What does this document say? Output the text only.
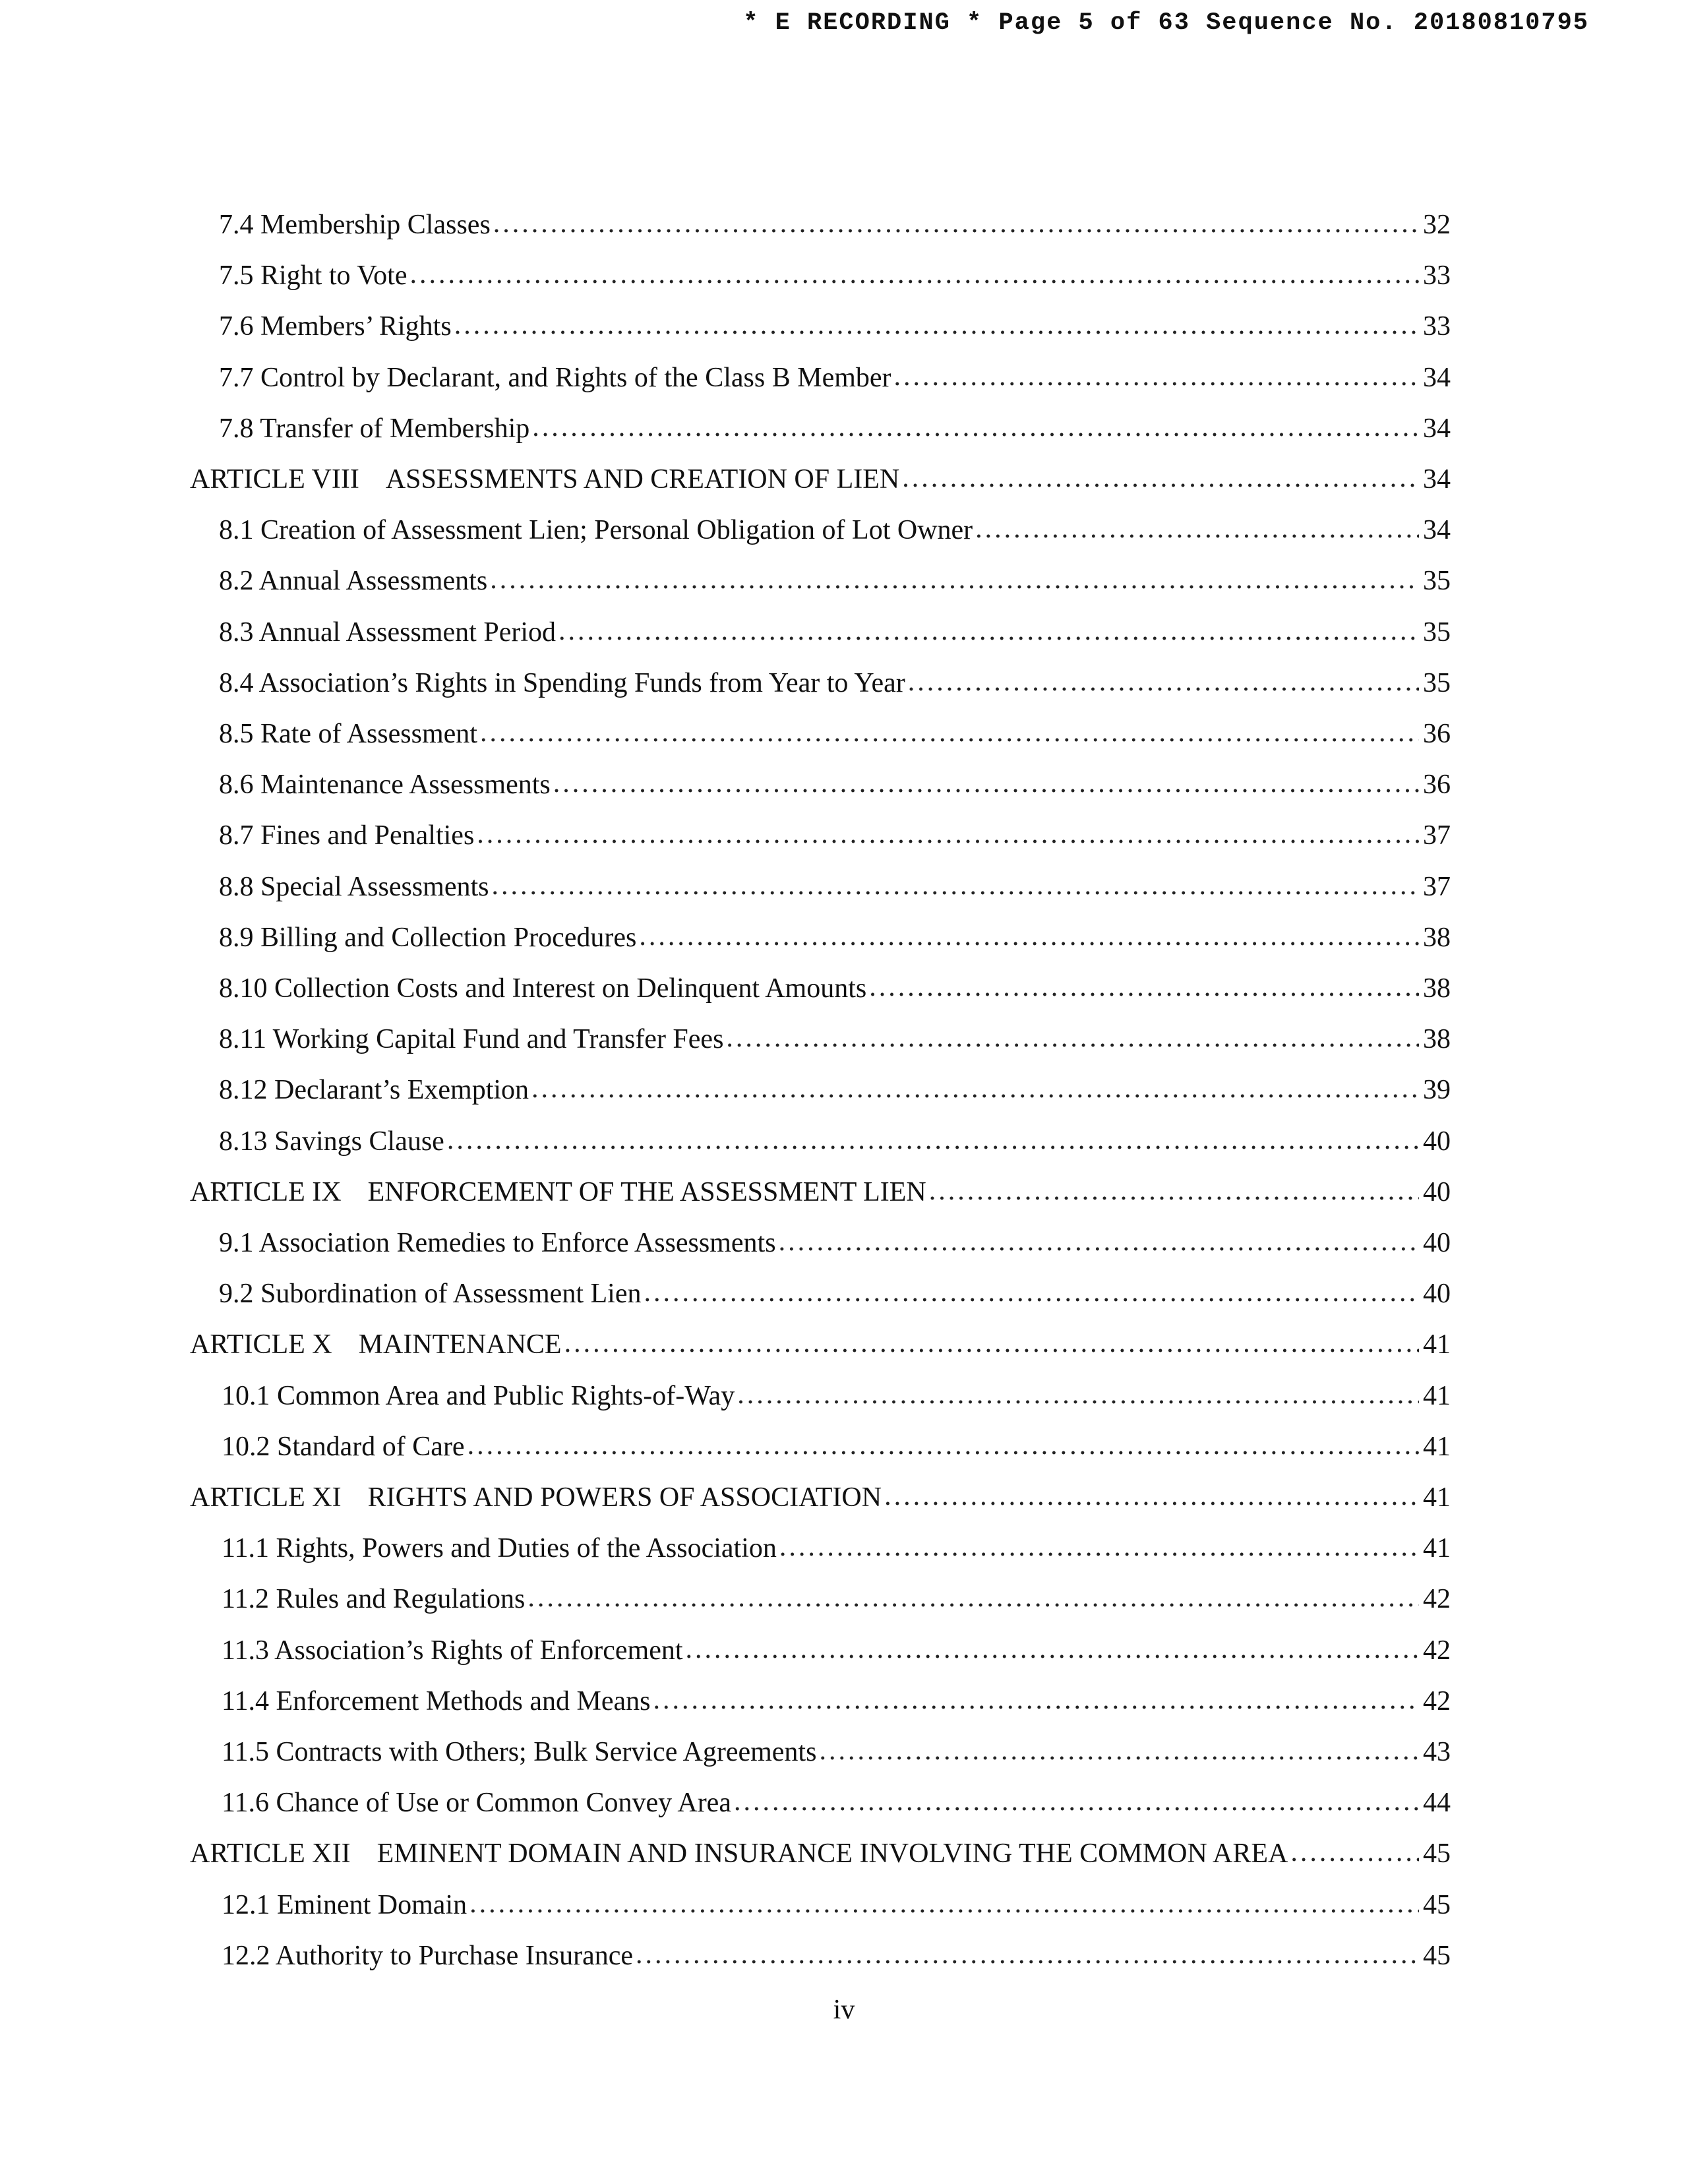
* E RECORDING * Page 5 of 63 Sequence No. 20180810795
7.4 Membership Classes .....	32
7.5 Right to Vote .....	33
7.6 Members’ Rights .....	33
7.7 Control by Declarant, and Rights of the Class B Member .....	34
7.8 Transfer of Membership .....	34
ARTICLE VIII ASSESSMENTS AND CREATION OF LIEN .....	34
8.1 Creation of Assessment Lien; Personal Obligation of Lot Owner .....	34
8.2 Annual Assessments .....	35
8.3 Annual Assessment Period .....	35
8.4 Association’s Rights in Spending Funds from Year to Year .....	35
8.5 Rate of Assessment .....	36
8.6 Maintenance Assessments .....	36
8.7 Fines and Penalties .....	37
8.8 Special Assessments .....	37
8.9 Billing and Collection Procedures .....	38
8.10 Collection Costs and Interest on Delinquent Amounts .....	38
8.11 Working Capital Fund and Transfer Fees .....	38
8.12 Declarant’s Exemption .....	39
8.13 Savings Clause .....	40
ARTICLE IX ENFORCEMENT OF THE ASSESSMENT LIEN .....	40
9.1 Association Remedies to Enforce Assessments .....	40
9.2 Subordination of Assessment Lien .....	40
ARTICLE X MAINTENANCE .....	41
10.1 Common Area and Public Rights-of-Way .....	41
10.2 Standard of Care .....	41
ARTICLE XI RIGHTS AND POWERS OF ASSOCIATION .....	41
11.1 Rights, Powers and Duties of the Association .....	41
11.2 Rules and Regulations .....	42
11.3 Association’s Rights of Enforcement .....	42
11.4 Enforcement Methods and Means .....	42
11.5 Contracts with Others; Bulk Service Agreements .....	43
11.6 Chance of Use or Common Convey Area .....	44
ARTICLE XII EMINENT DOMAIN AND INSURANCE INVOLVING THE COMMON AREA .....	45
12.1 Eminent Domain .....	45
12.2 Authority to Purchase Insurance .....	45
iv
